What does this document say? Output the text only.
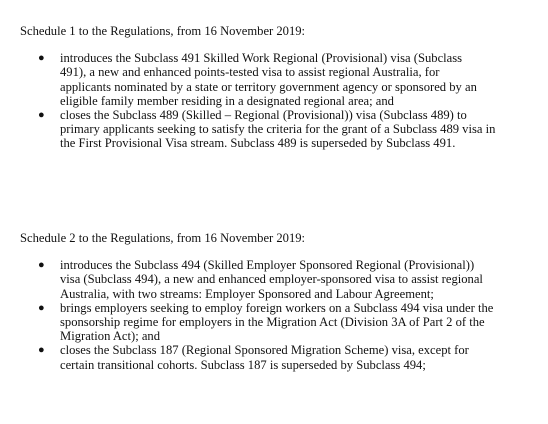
Schedule 1 to the Regulations, from 16 November 2019:

● introduces the Subclass 491 Skilled Work Regional (Provisional) visa (Subclass
491), a new and enhanced points-tested visa to assist regional Australia, for
applicants nominated by a state or territory government agency or sponsored by an
eligible family member residing in a designated regional area; and
● closes the Subclass 489 (Skilled – Regional (Provisional)) visa (Subclass 489) to
primary applicants seeking to satisfy the criteria for the grant of a Subclass 489 visa in
the First Provisional Visa stream. Subclass 489 is superseded by Subclass 491.

Schedule 2 to the Regulations, from 16 November 2019:

● introduces the Subclass 494 (Skilled Employer Sponsored Regional (Provisional))
visa (Subclass 494), a new and enhanced employer-sponsored visa to assist regional
Australia, with two streams: Employer Sponsored and Labour Agreement;
● brings employers seeking to employ foreign workers on a Subclass 494 visa under the
sponsorship regime for employers in the Migration Act (Division 3A of Part 2 of the
Migration Act); and
● closes the Subclass 187 (Regional Sponsored Migration Scheme) visa, except for
certain transitional cohorts. Subclass 187 is superseded by Subclass 494;
